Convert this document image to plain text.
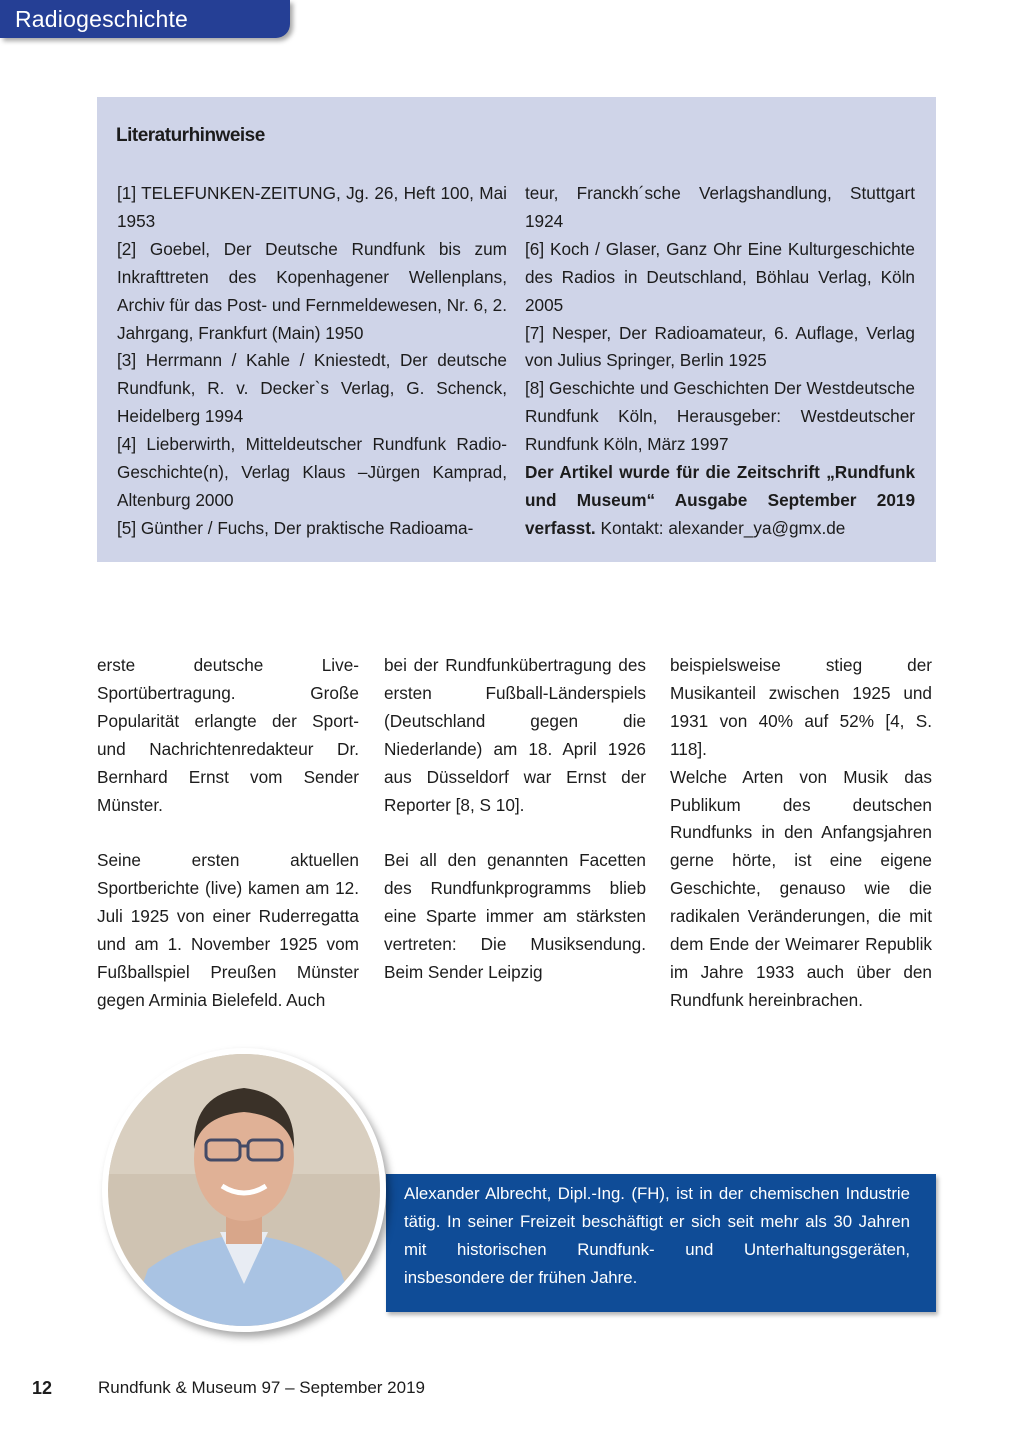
Radiogeschichte
Literaturhinweise
[1] TELEFUNKEN-ZEITUNG, Jg. 26, Heft 100, Mai 1953
[2] Goebel, Der Deutsche Rundfunk bis zum Inkrafttreten des Kopenhagener Wellenplans, Archiv für das Post- und Fernmeldewesen, Nr. 6, 2. Jahrgang, Frankfurt (Main) 1950
[3] Herrmann / Kahle / Kniestedt, Der deutsche Rundfunk, R. v. Decker`s Verlag, G. Schenck, Heidelberg 1994
[4] Lieberwirth, Mitteldeutscher Rundfunk Radio-Geschichte(n), Verlag Klaus –Jürgen Kamprad, Altenburg 2000
[5] Günther / Fuchs, Der praktische Radioama-
teur, Franckh´sche Verlagshandlung, Stuttgart 1924
[6] Koch / Glaser, Ganz Ohr Eine Kulturgeschichte des Radios in Deutschland, Böhlau Verlag, Köln 2005
[7] Nesper, Der Radioamateur, 6. Auflage, Verlag von Julius Springer, Berlin 1925
[8] Geschichte und Geschichten Der Westdeutsche Rundfunk Köln, Herausgeber: Westdeutscher Rundfunk Köln, März 1997
Der Artikel wurde für die Zeitschrift „Rundfunk und Museum“ Ausgabe September 2019 verfasst. Kontakt: alexander_ya@gmx.de

erste deutsche Live-Sportübertragung. Große Popularität erlangte der Sport- und Nachrichtenredakteur Dr. Bernhard Ernst vom Sender Münster.

Seine ersten aktuellen Sportberichte (live) kamen am 12. Juli 1925 von einer Ruderregatta und am 1. November 1925 vom Fußballspiel Preußen Münster gegen Arminia Bielefeld. Auch

bei der Rundfunkübertragung des ersten Fußball-Länderspiels (Deutschland gegen die Niederlande) am 18. April 1926 aus Düsseldorf war Ernst der Reporter [8, S 10].

Bei all den genannten Facetten des Rundfunkprogramms blieb eine Sparte immer am stärksten vertreten: Die Musiksendung. Beim Sender Leipzig

beispielsweise stieg der Musikanteil zwischen 1925 und 1931 von 40% auf 52% [4, S. 118].

Welche Arten von Musik das Publikum des deutschen Rundfunks in den Anfangsjahren gerne hörte, ist eine eigene Geschichte, genauso wie die radikalen Veränderungen, die mit dem Ende der Weimarer Republik im Jahre 1933 auch über den Rundfunk hereinbrachen.

Alexander Albrecht, Dipl.-Ing. (FH), ist in der chemischen Industrie tätig. In seiner Freizeit beschäftigt er sich seit mehr als 30 Jahren mit historischen Rundfunk- und Unterhaltungsgeräten, insbesondere der frühen Jahre.
12	Rundfunk & Museum 97 – September 2019
